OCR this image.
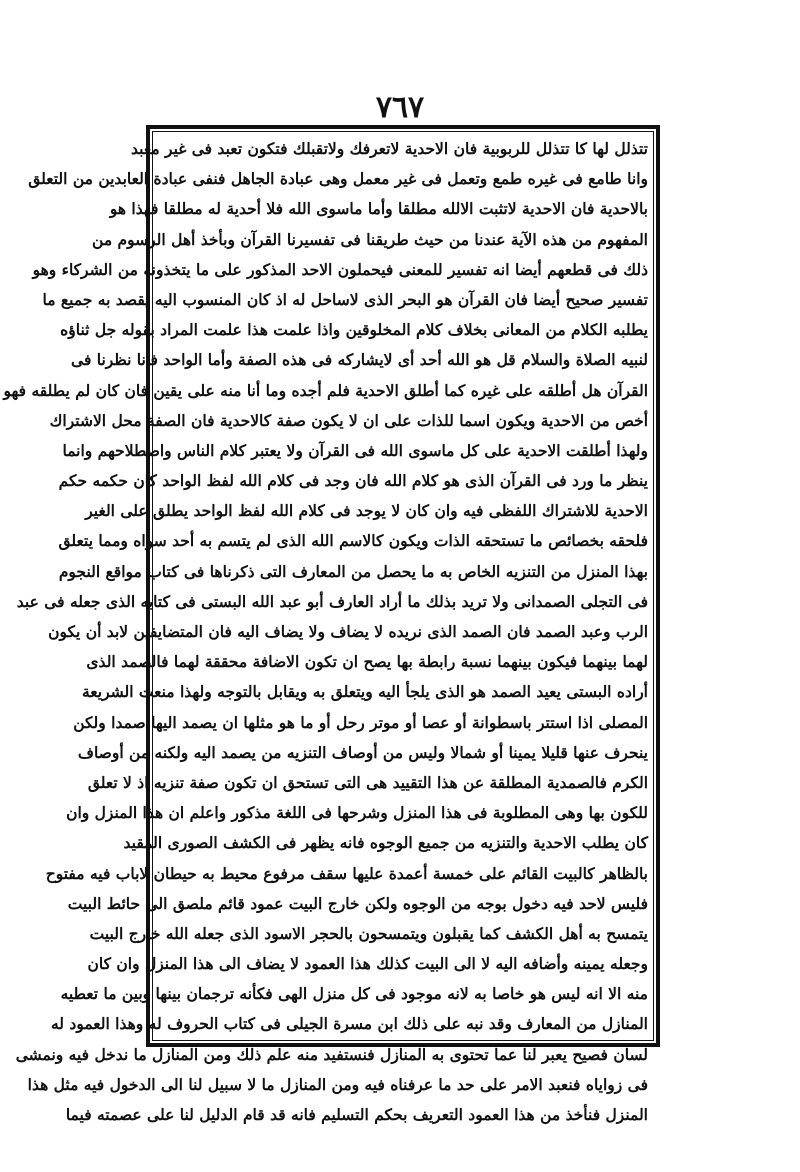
٧٦٧
تتذلل لها كا تتذلل للربوبية فان الاحدية لاتعرفك ولاتقبلك فتكون تعبد فى غير معبد
وانا طامع فى غيره طمع وتعمل فى غير معمل وهى عبادة الجاهل فنفى عبادة العابدين من التعلق
بالاحدية فان الاحدية لاتثبت الالله مطلقا وأما ماسوى الله فلا أحدية له مطلقا فهذا هو
المفهوم من هذه الآية عندنا من حيث طريقنا فى تفسيرنا القرآن وبأخذ أهل الرسوم من
ذلك فى قطعهم أيضا انه تفسير للمعنى فيحملون الاحد المذكور على ما يتخذونه من الشركاء وهو
تفسير صحيح أيضا فان القرآن هو البحر الذى لاساحل له اذ كان المنسوب اليه يقصد به جميع ما
يطلبه الكلام من المعانى بخلاف كلام المخلوقين واذا علمت هذا علمت المراد بقوله جل ثناؤه
لنبيه الصلاة والسلام قل هو الله أحد أى لايشاركه فى هذه الصفة وأما الواحد فانا نظرنا فى
القرآن هل أطلقه على غيره كما أطلق الاحدية فلم أجده وما أنا منه على يقين فان كان لم يطلقه فهو
أخص من الاحدية ويكون اسما للذات على ان لا يكون صفة كالاحدية فان الصفة محل الاشتراك
ولهذا أطلقت الاحدية على كل ماسوى الله فى القرآن ولا يعتبر كلام الناس واصطلاحهم وانما
ينظر ما ورد فى القرآن الذى هو كلام الله فان وجد فى كلام الله لفظ الواحد كان حكمه حكم
الاحدية للاشتراك اللفظى فيه وان كان لا يوجد فى كلام الله لفظ الواحد يطلق على الغير
فلحقه بخصائص ما تستحقه الذات ويكون كالاسم الله الذى لم يتسم به أحد سواه ومما يتعلق
بهذا المنزل من التنزيه الخاص به ما يحصل من المعارف التى ذكرناها فى كتاب مواقع النجوم
فى التجلى الصمدانى ولا تريد بذلك ما أراد العارف أبو عبد الله البستى فى كتابه الذى جعله فى عبد
الرب وعبد الصمد فان الصمد الذى نريده لا يضاف ولا يضاف اليه فان المتضايفين لابد أن يكون
لهما بينهما فيكون بينهما نسبة رابطة بها يصح ان تكون الاضافة محققة لهما فالصمد الذى
أراده البستى يعيد الصمد هو الذى يلجأ اليه ويتعلق به ويقابل بالتوجه ولهذا منعت الشريعة
المصلى اذا استتر باسطوانة أو عصا أو موتر رحل أو ما هو مثلها ان يصمد اليها صمدا ولكن
ينحرف عنها قليلا يمينا أو شمالا وليس من أوصاف التنزيه من يصمد اليه ولكنه من أوصاف
الكرم فالصمدية المطلقة عن هذا التقييد هى التى تستحق ان تكون صفة تنزيه اذ لا تعلق
للكون بها وهى المطلوبة فى هذا المنزل وشرحها فى اللغة مذكور واعلم ان هذا المنزل وان
كان يطلب الاحدية والتنزيه من جميع الوجوه فانه يظهر فى الكشف الصورى المقيد
بالظاهر كالبيت القائم على خمسة أعمدة عليها سقف مرفوع محيط به حيطان لاباب فيه مفتوح
فليس لاحد فيه دخول بوجه من الوجوه ولكن خارج البيت عمود قائم ملصق الى حائط البيت
يتمسح به أهل الكشف كما يقبلون ويتمسحون بالحجر الاسود الذى جعله الله خارج البيت
وجعله يمينه وأضافه اليه لا الى البيت كذلك هذا العمود لا يضاف الى هذا المنزل وان كان
منه الا انه ليس هو خاصا به لانه موجود فى كل منزل الهى فكأنه ترجمان بينها وبين ما تعطيه
المنازل من المعارف وقد نبه على ذلك ابن مسرة الجيلى فى كتاب الحروف له وهذا العمود له
لسان فصيح يعبر لنا عما تحتوى به المنازل فنستفيد منه علم ذلك ومن المنازل ما ندخل فيه ونمشى
فى زواياه فنعبد الامر على حد ما عرفناه فيه ومن المنازل ما لا سبيل لنا الى الدخول فيه مثل هذا
المنزل فنأخذ من هذا العمود التعريف بحكم التسليم فانه قد قام الدليل لنا على عصمته فيما
